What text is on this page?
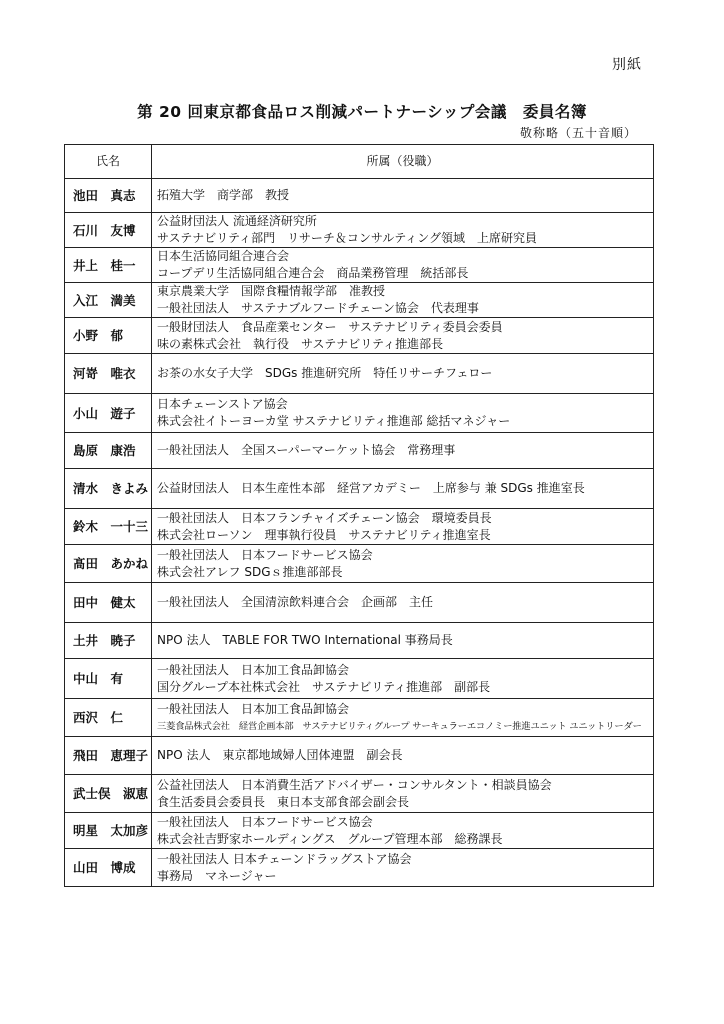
別紙
第 20 回東京都食品ロス削減パートナーシップ会議　委員名簿
敬称略（五十音順）
氏名	所属（役職）
池田　真志	拓殖大学　商学部　教授

石川　友博	公益財団法人 流通経済研究所
サステナビリティ部門　リサーチ＆コンサルティング領域　上席研究員

井上　桂一	日本生活協同組合連合会
コープデリ生活協同組合連合会　商品業務管理　統括部長

入江　満美	東京農業大学　国際食糧情報学部　准教授
一般社団法人　サステナブルフードチェーン協会　代表理事

小野　郁	一般財団法人　食品産業センター　サステナビリティ委員会委員
味の素株式会社　執行役　サステナビリティ推進部長

河嵜　唯衣	お茶の水女子大学　SDGs 推進研究所　特任リサーチフェロー

小山　遊子	日本チェーンストア協会
株式会社イトーヨーカ堂 サステナビリティ推進部 総括マネジャー

島原　康浩	一般社団法人　全国スーパーマーケット協会　常務理事

清水　きよみ	公益財団法人　日本生産性本部　経営アカデミー　上席参与 兼 SDGs 推進室長

鈴木　一十三	一般社団法人　日本フランチャイズチェーン協会　環境委員長
株式会社ローソン　理事執行役員　サステナビリティ推進室長

髙田　あかね	一般社団法人　日本フードサービス協会
株式会社アレフ SDGｓ推進部部長

田中　健太	一般社団法人　全国清涼飲料連合会　企画部　主任

土井　暁子	NPO 法人　TABLE FOR TWO International 事務局長

中山　有	一般社団法人　日本加工食品卸協会
国分グループ本社株式会社　サステナビリティ推進部　副部長

西沢　仁	一般社団法人　日本加工食品卸協会
三菱食品株式会社　経営企画本部　サステナビリティグループ サーキュラーエコノミー推進ユニット ユニットリーダー

飛田　恵理子	NPO 法人　東京都地域婦人団体連盟　副会長

武士俣　淑恵	公益社団法人　日本消費生活アドバイザー・コンサルタント・相談員協会
食生活委員会委員長　東日本支部食部会副会長

明星　太加彦	一般社団法人　日本フードサービス協会
株式会社吉野家ホールディングス　グループ管理本部　総務課長

山田　博成	一般社団法人 日本チェーンドラッグストア協会
事務局　マネージャー
